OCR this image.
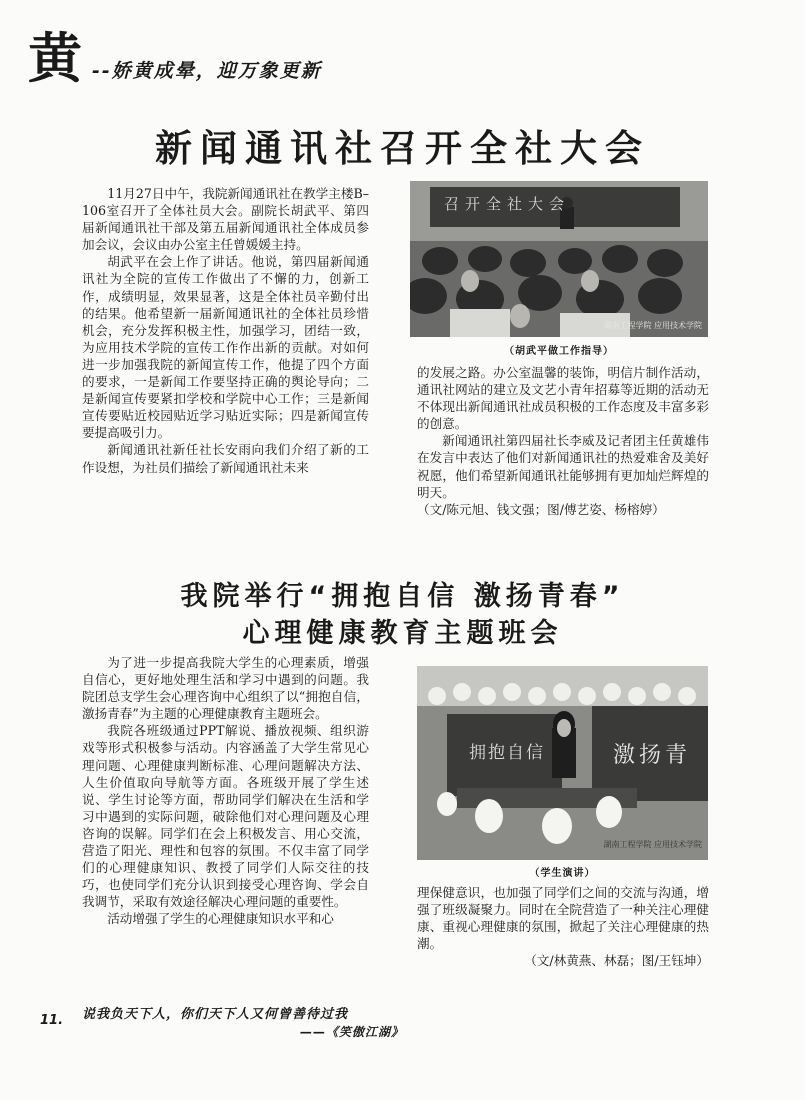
黄 --娇黄成晕，迎万象更新
新闻通讯社召开全社大会

11月27日中午，我院新闻通讯社在教学主楼B–106室召开了全体社员大会。副院长胡武平、第四届新闻通讯社干部及第五届新闻通讯社全体成员参加会议，会议由办公室主任曾媛媛主持。

胡武平在会上作了讲话。他说，第四届新闻通讯社为全院的宣传工作做出了不懈的力，创新工作，成绩明显，效果显著，这是全体社员辛勤付出的结果。他希望新一届新闻通讯社的全体社员珍惜机会，充分发挥积极主性，加强学习，团结一致，为应用技术学院的宣传工作作出新的贡献。对如何进一步加强我院的新闻宣传工作，他提了四个方面的要求，一是新闻工作要坚持正确的舆论导向；二是新闻宣传要紧扣学校和学院中心工作；三是新闻宣传要贴近校园贴近学习贴近实际；四是新闻宣传要提高吸引力。

新闻通讯社新任社长安雨向我们介绍了新的工作设想，为社员们描绘了新闻通讯社未来

召开全社大会
湖南工程学院 应用技术学院
（胡武平做工作指导）

的发展之路。办公室温馨的装饰，明信片制作活动，通讯社网站的建立及文艺小青年招募等近期的活动无不体现出新闻通讯社成员积极的工作态度及丰富多彩的创意。

新闻通讯社第四届社长李威及记者团主任黄雄伟在发言中表达了他们对新闻通讯社的热爱难舍及美好祝愿，他们希望新闻通讯社能够拥有更加灿烂辉煌的明天。

（文/陈元旭、钱文强；图/傅艺姿、杨榕婷）

我院举行“拥抱自信 激扬青春”
心理健康教育主题班会

为了进一步提高我院大学生的心理素质，增强自信心，更好地处理生活和学习中遇到的问题。我院团总支学生会心理咨询中心组织了以“拥抱自信，激扬青春”为主题的心理健康教育主题班会。

我院各班级通过PPT解说、播放视频、组织游戏等形式积极参与活动。内容涵盖了大学生常见心理问题、心理健康判断标准、心理问题解决方法、人生价值取向导航等方面。各班级开展了学生述说、学生讨论等方面，帮助同学们解决在生活和学习中遇到的实际问题，破除他们对心理问题及心理咨询的误解。同学们在会上积极发言、用心交流，营造了阳光、理性和包容的氛围。不仅丰富了同学们的心理健康知识、教授了同学们人际交往的技巧，也使同学们充分认识到接受心理咨询、学会自我调节，采取有效途径解决心理问题的重要性。

活动增强了学生的心理健康知识水平和心

拥抱自信	激扬青
湖南工程学院 应用技术学院
（学生演讲）

理保健意识，也加强了同学们之间的交流与沟通，增强了班级凝聚力。同时在全院营造了一种关注心理健康、重视心理健康的氛围，掀起了关注心理健康的热潮。

（文/林黄燕、林磊；图/王钰坤）

11. 说我负天下人，你们天下人又何曾善待过我
——《笑傲江湖》
